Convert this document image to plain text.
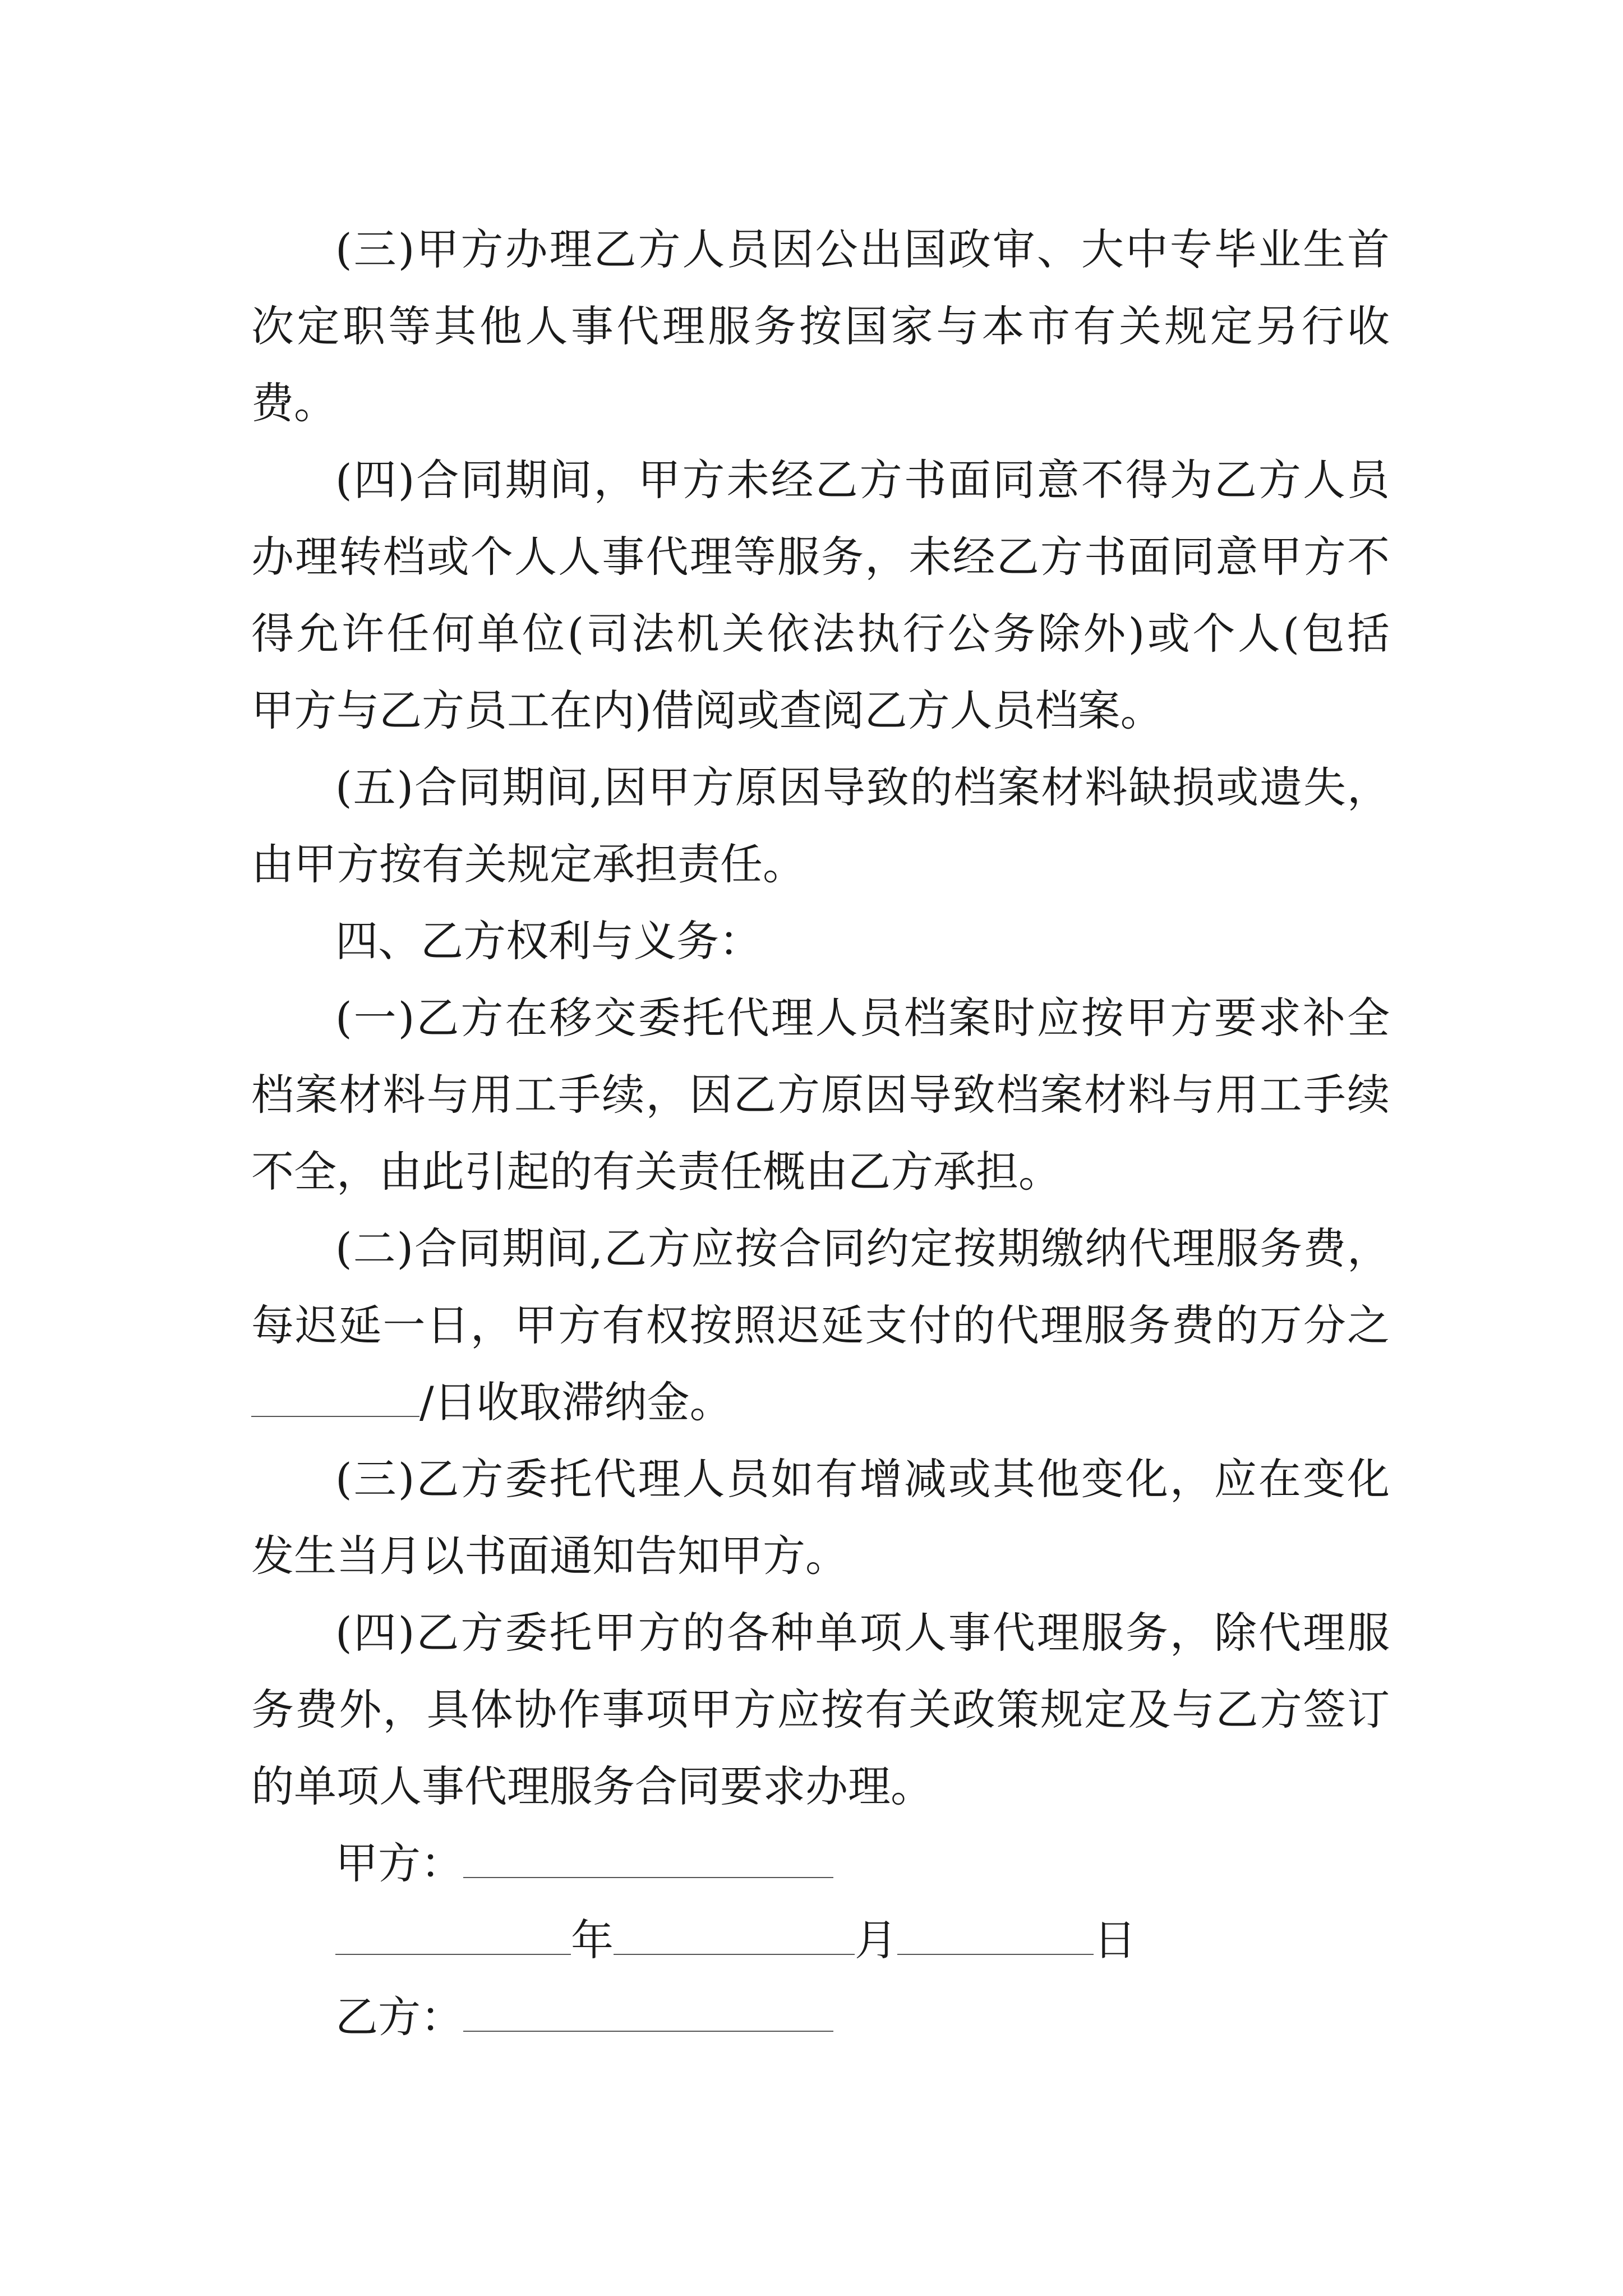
(三)甲方办理乙方人员因公出国政审、大中专毕业生首
次定职等其他人事代理服务按国家与本市有关规定另行收
费。
(四)合同期间，甲方未经乙方书面同意不得为乙方人员
办理转档或个人人事代理等服务，未经乙方书面同意甲方不
得允许任何单位(司法机关依法执行公务除外)或个人(包括
甲方与乙方员工在内)借阅或查阅乙方人员档案。
(五)合同期间,因甲方原因导致的档案材料缺损或遗失，
由甲方按有关规定承担责任。
四、乙方权利与义务：
(一)乙方在移交委托代理人员档案时应按甲方要求补全
档案材料与用工手续，因乙方原因导致档案材料与用工手续
不全，由此引起的有关责任概由乙方承担。
(二)合同期间,乙方应按合同约定按期缴纳代理服务费，
每迟延一日，甲方有权按照迟延支付的代理服务费的万分之
/日收取滞纳金。
(三)乙方委托代理人员如有增减或其他变化，应在变化
发生当月以书面通知告知甲方。
(四)乙方委托甲方的各种单项人事代理服务，除代理服
务费外，具体协作事项甲方应按有关政策规定及与乙方签订
的单项人事代理服务合同要求办理。
甲方：
年	月	日
乙方：
